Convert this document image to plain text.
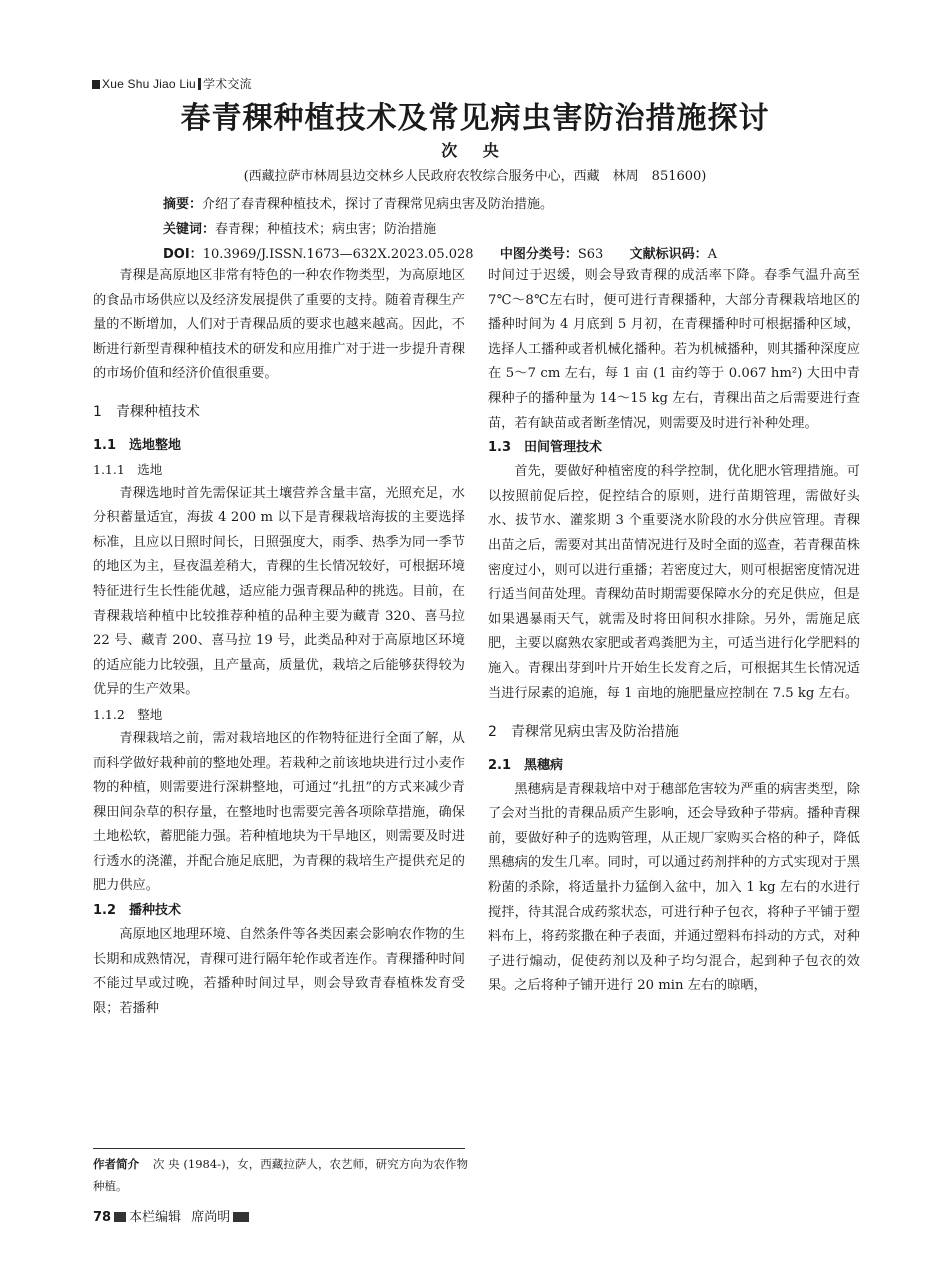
Xue Shu Jiao Liu 学术交流
春青稞种植技术及常见病虫害防治措施探讨
次 央
(西藏拉萨市林周县边交林乡人民政府农牧综合服务中心，西藏　林周　851600)
摘要：介绍了春青稞种植技术，探讨了青稞常见病虫害及防治措施。
关键词：春青稞；种植技术；病虫害；防治措施
DOI：10.3969/J.ISSN.1673—632X.2023.05.028 中图分类号：S63 文献标识码：A

青稞是高原地区非常有特色的一种农作物类型，为高原地区的食品市场供应以及经济发展提供了重要的支持。随着青稞生产量的不断增加，人们对于青稞品质的要求也越来越高。因此，不断进行新型青稞种植技术的研发和应用推广对于进一步提升青稞的市场价值和经济价值很重要。

1　青稞种植技术
1.1　选地整地
1.1.1　选地

青稞选地时首先需保证其土壤营养含量丰富，光照充足，水分积蓄量适宜，海拔 4 200 m 以下是青稞栽培海拔的主要选择标准，且应以日照时间长，日照强度大，雨季、热季为同一季节的地区为主，昼夜温差稍大，青稞的生长情况较好，可根据环境特征进行生长性能优越，适应能力强青稞品种的挑选。目前，在青稞栽培种植中比较推荐种植的品种主要为藏青 320、喜马拉 22 号、藏青 200、喜马拉 19 号，此类品种对于高原地区环境的适应能力比较强，且产量高，质量优，栽培之后能够获得较为优异的生产效果。

1.1.2　整地

青稞栽培之前，需对栽培地区的作物特征进行全面了解，从而科学做好栽种前的整地处理。若栽种之前该地块进行过小麦作物的种植，则需要进行深耕整地，可通过“扎扭”的方式来减少青稞田间杂草的积存量，在整地时也需要完善各项除草措施，确保土地松软，蓄肥能力强。若种植地块为干旱地区，则需要及时进行透水的浇灌，并配合施足底肥，为青稞的栽培生产提供充足的肥力供应。

1.2　播种技术

高原地区地理环境、自然条件等各类因素会影响农作物的生长期和成熟情况，青稞可进行隔年轮作或者连作。青稞播种时间不能过早或过晚，若播种时间过早，则会导致青春植株发育受限；若播种

时间过于迟缓，则会导致青稞的成活率下降。春季气温升高至 7℃～8℃左右时，便可进行青稞播种，大部分青稞栽培地区的播种时间为 4 月底到 5 月初，在青稞播种时可根据播种区域，选择人工播种或者机械化播种。若为机械播种，则其播种深度应在 5～7 cm 左右，每 1 亩 (1 亩约等于 0.067 hm²) 大田中青稞种子的播种量为 14～15 kg 左右，青稞出苗之后需要进行查苗，若有缺苗或者断垄情况，则需要及时进行补种处理。

1.3　田间管理技术

首先，要做好种植密度的科学控制，优化肥水管理措施。可以按照前促后控，促控结合的原则，进行苗期管理，需做好头水、拔节水、灌浆期 3 个重要浇水阶段的水分供应管理。青稞出苗之后，需要对其出苗情况进行及时全面的巡查，若青稞苗株密度过小，则可以进行重播；若密度过大，则可根据密度情况进行适当间苗处理。青稞幼苗时期需要保障水分的充足供应，但是如果遇暴雨天气，就需及时将田间积水排除。另外，需施足底肥，主要以腐熟农家肥或者鸡粪肥为主，可适当进行化学肥料的施入。青稞出芽到叶片开始生长发育之后，可根据其生长情况适当进行尿素的追施，每 1 亩地的施肥量应控制在 7.5 kg 左右。

2　青稞常见病虫害及防治措施
2.1　黑穗病

黑穗病是青稞栽培中对于穗部危害较为严重的病害类型，除了会对当批的青稞品质产生影响，还会导致种子带病。播种青稞前，要做好种子的选购管理，从正规厂家购买合格的种子，降低黑穗病的发生几率。同时，可以通过药剂拌种的方式实现对于黑粉菌的杀除，将适量扑力猛倒入盆中，加入 1 kg 左右的水进行搅拌，待其混合成药浆状态，可进行种子包衣，将种子平铺于塑料布上，将药浆撒在种子表面，并通过塑料布抖动的方式，对种子进行煽动，促使药剂以及种子均匀混合，起到种子包衣的效果。之后将种子铺开进行 20 min 左右的晾晒，

作者简介 次 央 (1984-)，女，西藏拉萨人，农艺师，研究方向为农作物种植。
78 本栏编辑 席尚明
